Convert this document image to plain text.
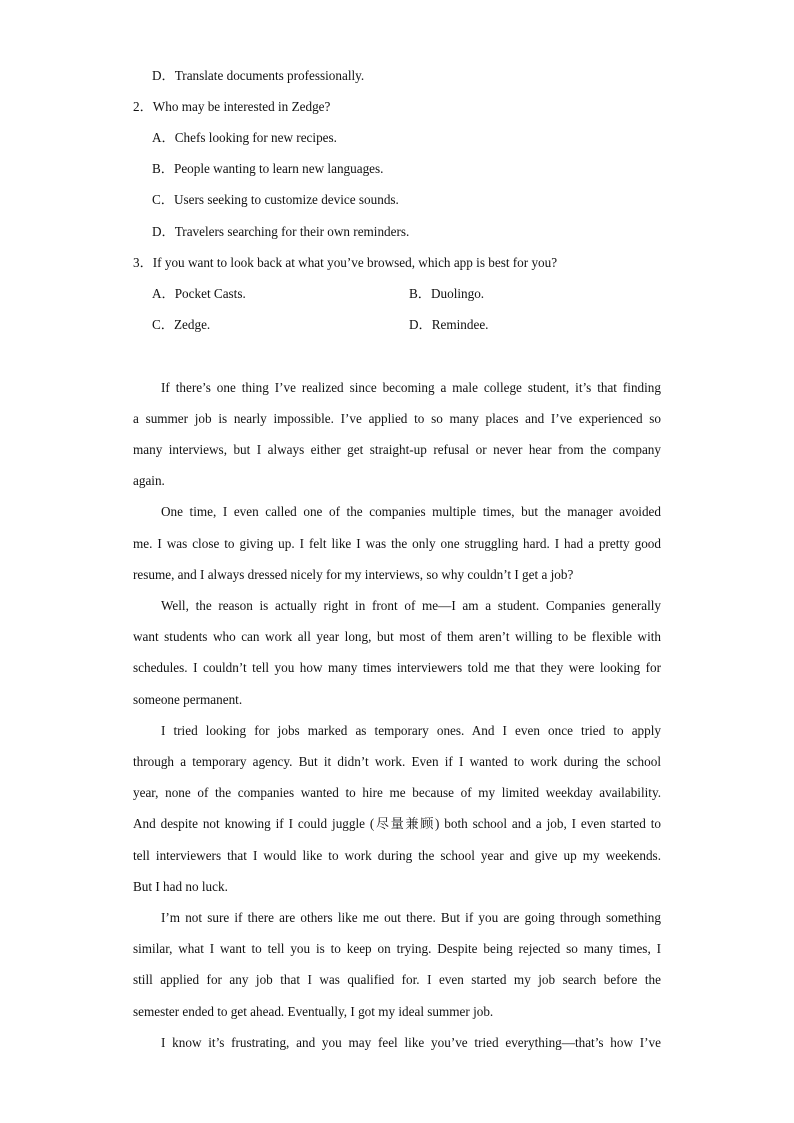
D．Translate documents professionally.
2．Who may be interested in Zedge?
A．Chefs looking for new recipes.
B．People wanting to learn new languages.
C．Users seeking to customize device sounds.
D．Travelers searching for their own reminders.
3．If you want to look back at what you’ve browsed, which app is best for you?
A．Pocket Casts.	B．Duolingo.
C．Zedge.	D．Remindee.
If there’s one thing I’ve realized since becoming a male college student, it’s that finding
a summer job is nearly impossible. I’ve applied to so many places and I’ve experienced so
many interviews, but I always either get straight-up refusal or never hear from the company
again.
One time, I even called one of the companies multiple times, but the manager avoided
me. I was close to giving up. I felt like I was the only one struggling hard. I had a pretty good
resume, and I always dressed nicely for my interviews, so why couldn’t I get a job?
Well, the reason is actually right in front of me—I am a student. Companies generally
want students who can work all year long, but most of them aren’t willing to be flexible with
schedules. I couldn’t tell you how many times interviewers told me that they were looking for
someone permanent.
I tried looking for jobs marked as temporary ones. And I even once tried to apply
through a temporary agency. But it didn’t work. Even if I wanted to work during the school
year, none of the companies wanted to hire me because of my limited weekday availability.
And despite not knowing if I could juggle (尽量兼顾) both school and a job, I even started to
tell interviewers that I would like to work during the school year and give up my weekends.
But I had no luck.
I’m not sure if there are others like me out there. But if you are going through something
similar, what I want to tell you is to keep on trying. Despite being rejected so many times, I
still applied for any job that I was qualified for. I even started my job search before the
semester ended to get ahead. Eventually, I got my ideal summer job.
I know it’s frustrating, and you may feel like you’ve tried everything—that’s how I’ve
